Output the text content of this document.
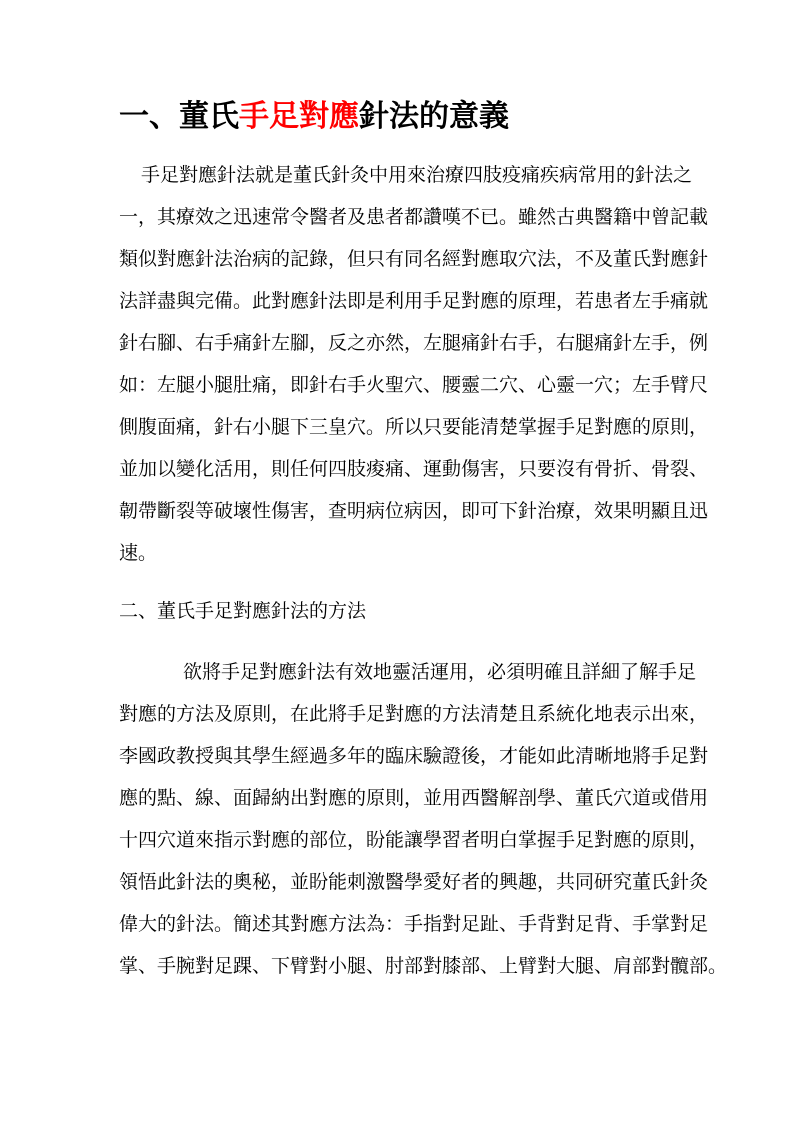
一、董氏手足對應針法的意義

手足對應針法就是董氏針灸中用來治療四肢疫痛疾病常用的針法之
一，其療效之迅速常令醫者及患者都讚嘆不已。雖然古典醫籍中曾記載
類似對應針法治病的記錄，但只有同名經對應取穴法，不及董氏對應針
法詳盡與完備。此對應針法即是利用手足對應的原理，若患者左手痛就
針右腳、右手痛針左腳，反之亦然，左腿痛針右手，右腿痛針左手，例
如：左腿小腿肚痛，即針右手火聖穴、腰靈二穴、心靈一穴；左手臂尺
側腹面痛，針右小腿下三皇穴。所以只要能清楚掌握手足對應的原則，
並加以變化活用，則任何四肢痠痛、運動傷害，只要沒有骨折、骨裂、
韌帶斷裂等破壞性傷害，查明病位病因，即可下針治療，效果明顯且迅
速。

二、董氏手足對應針法的方法

欲將手足對應針法有效地靈活運用，必須明確且詳細了解手足
對應的方法及原則，在此將手足對應的方法清楚且系統化地表示出來，
李國政教授與其學生經過多年的臨床驗證後，才能如此清晰地將手足對
應的點、線、面歸納出對應的原則，並用西醫解剖學、董氏穴道或借用
十四穴道來指示對應的部位，盼能讓學習者明白掌握手足對應的原則，
領悟此針法的奧秘，並盼能刺激醫學愛好者的興趣，共同研究董氏針灸
偉大的針法。簡述其對應方法為：手指對足趾、手背對足背、手掌對足
掌、手腕對足踝、下臂對小腿、肘部對膝部、上臂對大腿、肩部對髖部。
